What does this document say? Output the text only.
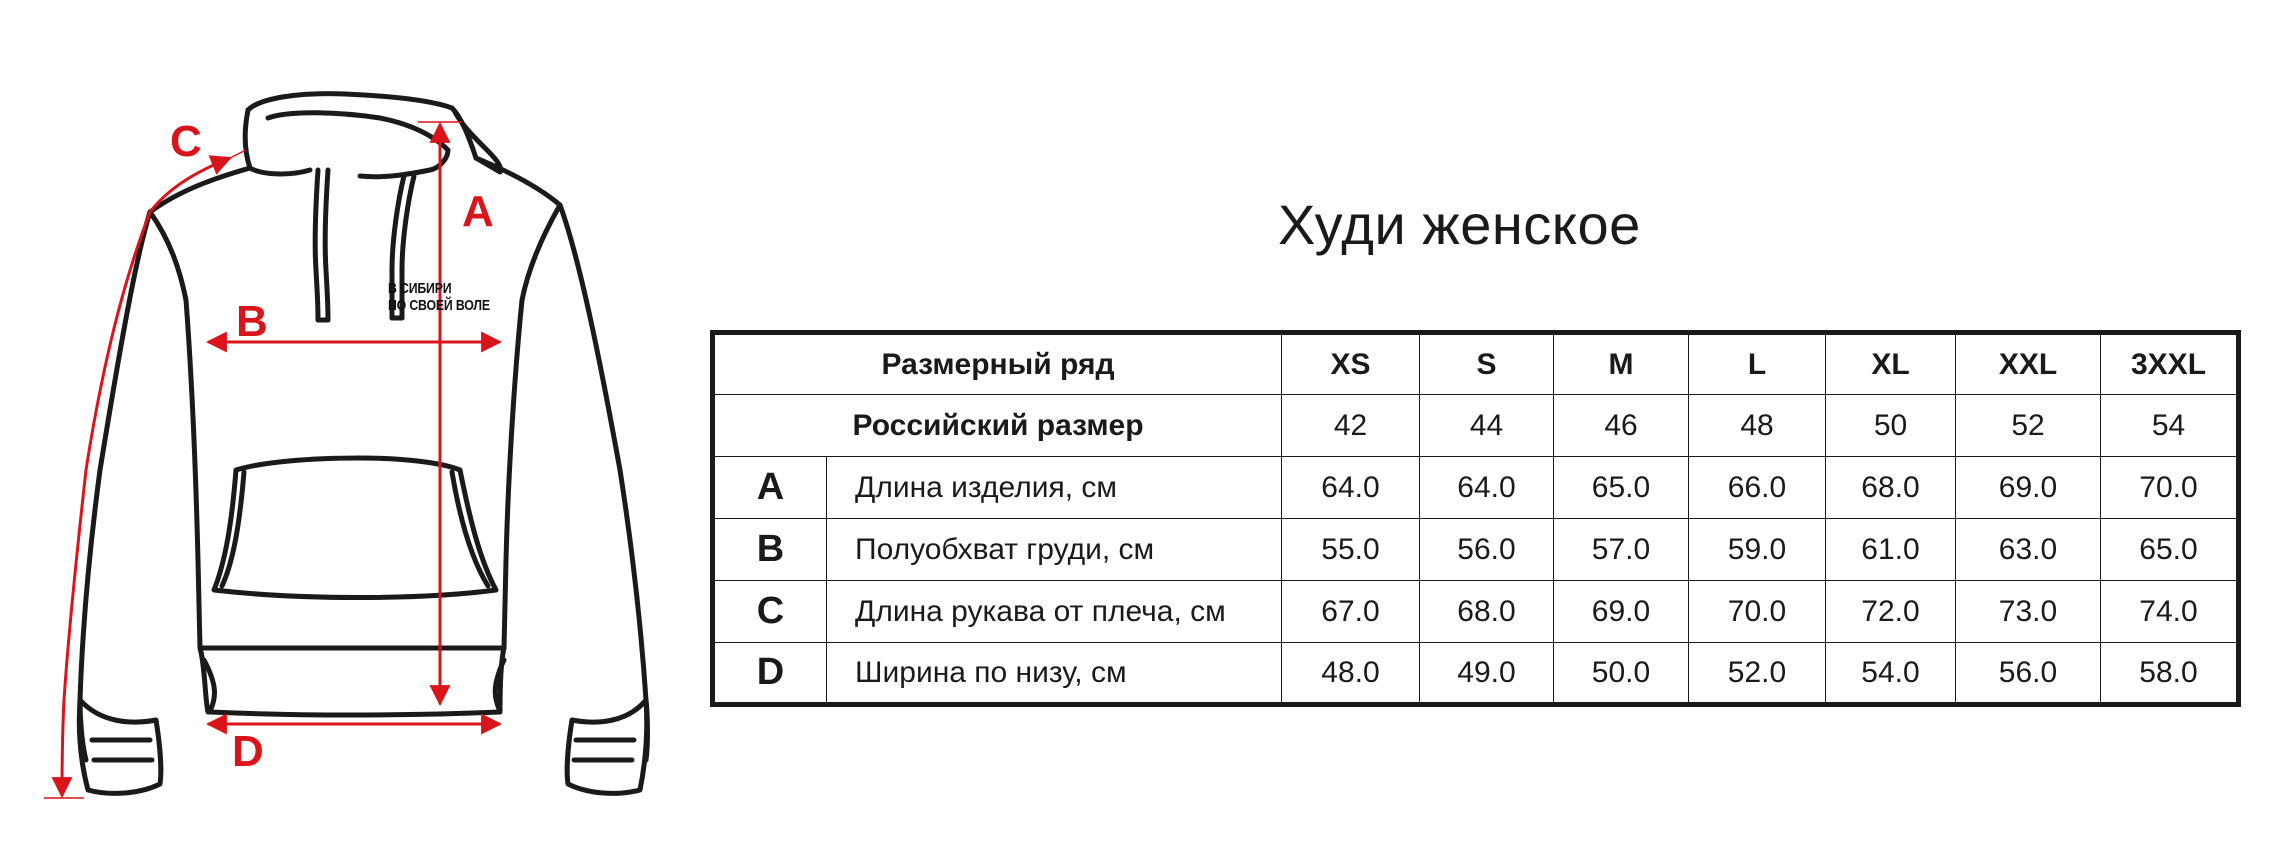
В СИБИРИ
ПО СВОЕЙ ВОЛЕ
A
B
C
D
Худи женское
Размерный ряд		XS	S	M	L	XL	XXL	3XXL
Российский размер		42	44	46	48	50	52	54
A	Длина изделия, см	64.0	64.0	65.0	66.0	68.0	69.0	70.0
B	Полуобхват груди, см	55.0	56.0	57.0	59.0	61.0	63.0	65.0
C	Длина рукава от плеча, см	67.0	68.0	69.0	70.0	72.0	73.0	74.0
D	Ширина по низу, см	48.0	49.0	50.0	52.0	54.0	56.0	58.0
